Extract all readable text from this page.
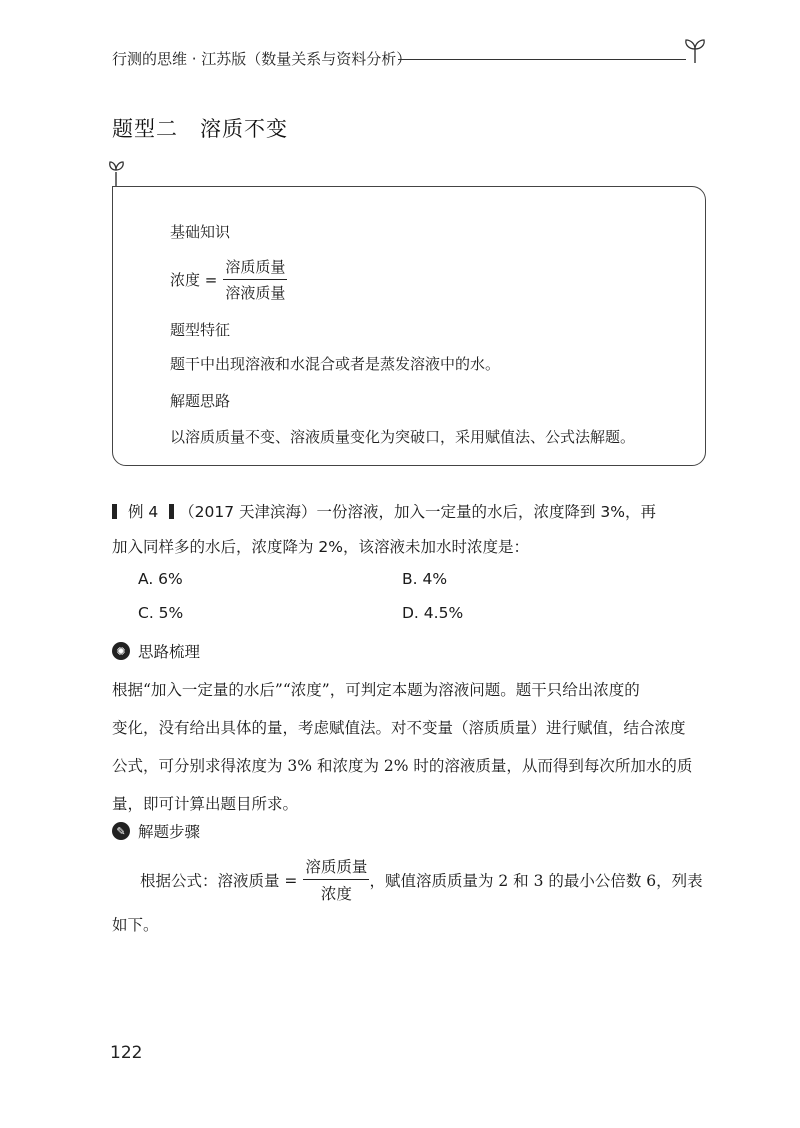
行测的思维 · 江苏版（数量关系与资料分析）
题型二 溶质不变
基础知识
浓度 = $\frac{\text{溶质质量}}{\text{溶液质量}}$
题型特征
题干中出现溶液和水混合或者是蒸发溶液中的水。
解题思路
以溶质质量不变、溶液质量变化为突破口，采用赋值法、公式法解题。
例 4 （2017 天津滨海）一份溶液，加入一定量的水后，浓度降到 3%，再
加入同样多的水后，浓度降为 2%，该溶液未加水时浓度是：
A. 6%	B. 4%
C. 5%	D. 4.5%
✺ 思路梳理
根据“加入一定量的水后”“浓度”，可判定本题为溶液问题。题干只给出浓度的
变化，没有给出具体的量，考虑赋值法。对不变量（溶质质量）进行赋值，结合浓度
公式，可分别求得浓度为 3% 和浓度为 2% 时的溶液质量，从而得到每次所加水的质
量，即可计算出题目所求。
✎ 解题步骤
根据公式：溶液质量 = $\frac{\text{溶质质量}}{\text{浓度}}$ ，赋值溶质质量为 2 和 3 的最小公倍数 6，列表
如下。
122
